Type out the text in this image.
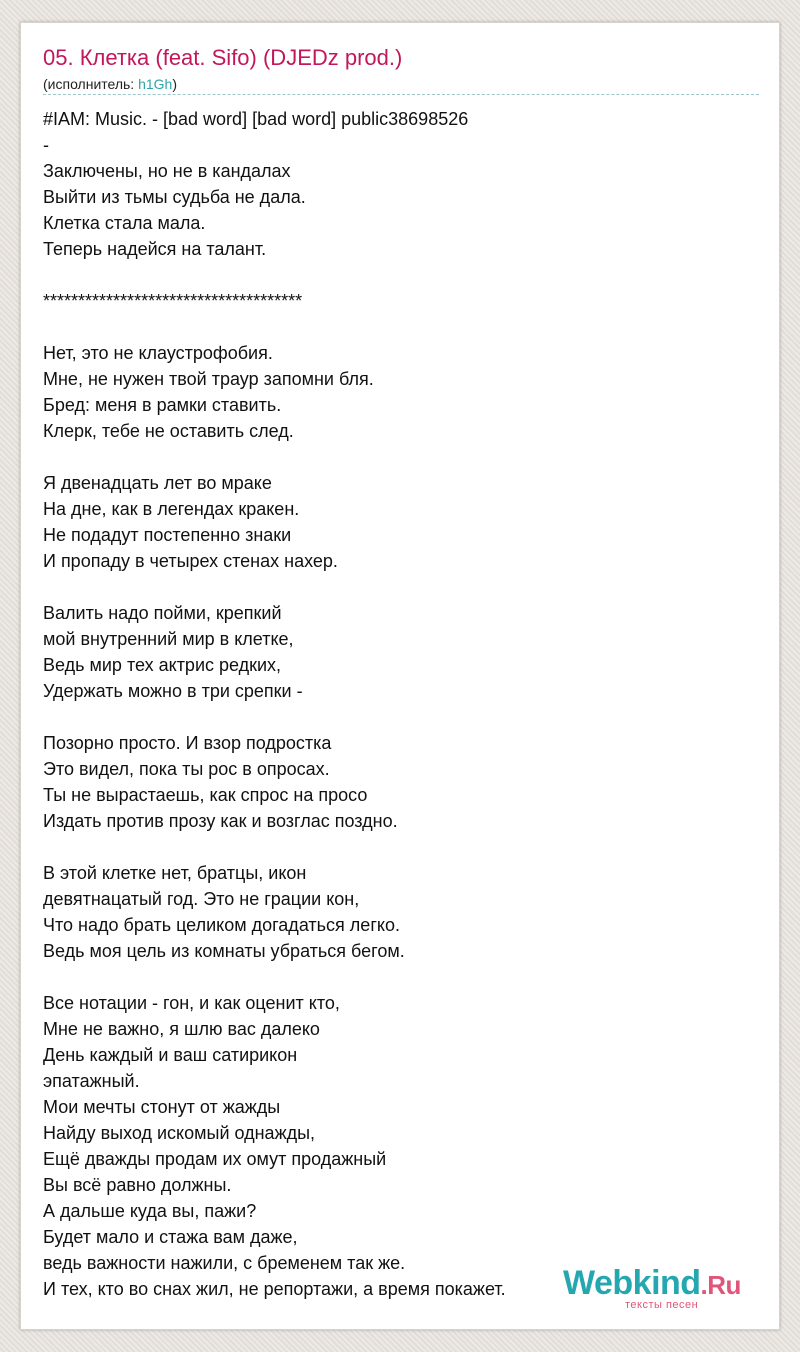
05. Клетка (feat. Sifo) (DJEDz prod.)
(исполнитель: h1Gh)
#IAM: Music. - [bad word] [bad word] public38698526
-
Заключены, но не в кандалах
Выйти из тьмы судьба не дала.
Клетка стала мала.
Теперь надейся на талант.
*************************************
Нет, это не клаустрофобия.
Мне, не нужен твой траур запомни бля.
Бред: меня в рамки ставить.
Клерк, тебе не оставить след.
Я двенадцать лет во мраке
На дне, как в легендах кракен.
Не подадут постепенно знаки
И пропаду в четырех стенах нахер.
Валить надо пойми, крепкий
мой внутренний мир в клетке,
Ведь мир тех актрис редких,
Удержать можно в три срепки -
Позорно просто. И взор подростка
Это видел, пока ты рос в опросах.
Ты не вырастаешь, как спрос на просо
Издать против прозу как и возглас поздно.
В этой клетке нет, братцы, икон
девятнацатый год. Это не грации кон,
Что надо брать целиком догадаться легко.
Ведь моя цель из комнаты убраться бегом.
Все нотации - гон, и как оценит кто,
Мне не важно, я шлю вас далеко
День каждый и ваш сатирикон
эпатажный.
Мои мечты стонут от жажды
Найду выход искомый однажды,
Ещё дважды продам их омут продажный
Вы всё равно должны.
А дальше куда вы, пажи?
Будет мало и стажа вам даже,
ведь важности нажили, с бременем так же.
И тех, кто во снах жил, не репортажи, а время покажет.	Webkind.Ru
тексты песен
